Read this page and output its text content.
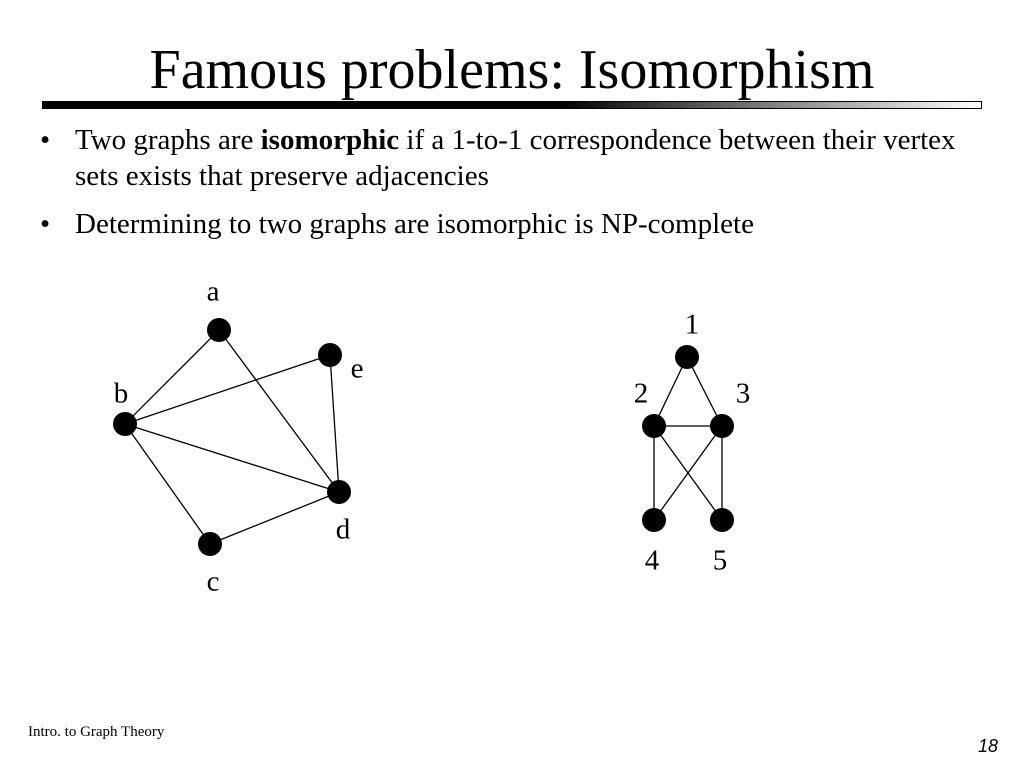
Famous problems: Isomorphism
• Two graphs are isomorphic if a 1-to-1 correspondence between their vertex sets exists that preserve adjacencies
• Determining to two graphs are isomorphic is NP-complete
a
b
c
d
e
1
2	3
4 5
Intro. to Graph Theory
18
